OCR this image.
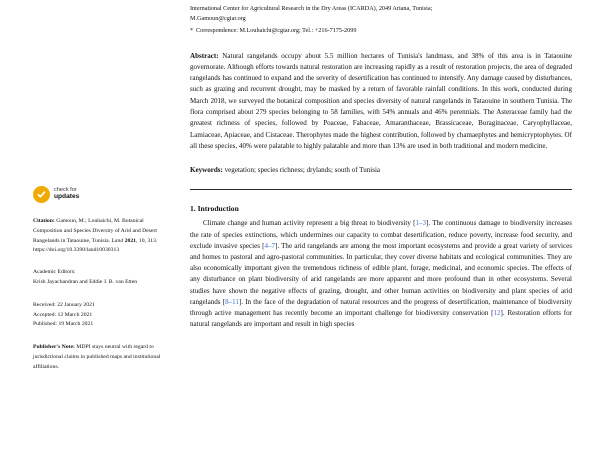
International Center for Agricultural Research in the Dry Areas (ICARDA), 2049 Ariana, Tunisia;
M.Gamoun@cgiar.org
* Correspondence: M.Louhaichi@cgiar.org; Tel.: +216-7175-2099
Abstract: Natural rangelands occupy about 5.5 million hectares of Tunisia's landmass, and 38% of this area is in Tataouine governorate. Although efforts towards natural restoration are increasing rapidly as a result of restoration projects, the area of degraded rangelands has continued to expand and the severity of desertification has continued to intensify. Any damage caused by disturbances, such as grazing and recurrent drought, may be masked by a return of favorable rainfall conditions. In this work, conducted during March 2018, we surveyed the botanical composition and species diversity of natural rangelands in Tataouine in southern Tunisia. The flora comprised about 279 species belonging to 58 families, with 54% annuals and 46% perennials. The Asteraceae family had the greatest richness of species, followed by Poaceae, Fabaceae, Amaranthaceae, Brassicaceae, Boraginaceae, Caryophyllaceae, Lamiaceae, Apiaceae, and Cistaceae. Therophytes made the highest contribution, followed by chamaephytes and hemicryptophytes. Of all these species, 40% were palatable to highly palatable and more than 13% are used in both traditional and modern medicine.
Keywords: vegetation; species richness; drylands; south of Tunisia
1. Introduction
Climate change and human activity represent a big threat to biodiversity [1–3]. The continuous damage to biodiversity increases the rate of species extinctions, which undermines our capacity to combat desertification, reduce poverty, increase food security, and exclude invasive species [4–7]. The arid rangelands are among the most important ecosystems and provide a great variety of services and homes to pastoral and agro-pastoral communities. In particular, they cover diverse habitats and ecological communities. They are also economically important given the tremendous richness of edible plant, forage, medicinal, and economic species. The effects of any disturbance on plant biodiversity of arid rangelands are more apparent and more profound than in other ecosystems. Several studies have shown the negative effects of grazing, drought, and other human activities on biodiversity and plant species of arid rangelands [8–11]. In the face of the degradation of natural resources and the progress of desertification, maintenance of biodiversity through active management has recently become an important challenge for biodiversity conservation [12]. Restoration efforts for natural rangelands are important and result in high species
check for
updates
Citation: Gamoun, M.; Louhaichi, M. Botanical Composition and Species Diversity of Arid and Desert Rangelands in Tataouine, Tunisia. Land 2021, 10, 313. https://doi.org/10.3390/land10030313
Academic Editors:
Krish Jayachandran and Eddie J. B. van Etten
Received: 22 January 2021
Accepted: 12 March 2021
Published: 19 March 2021
Publisher's Note: MDPI stays neutral with regard to jurisdictional claims in published maps and institutional affiliations.
